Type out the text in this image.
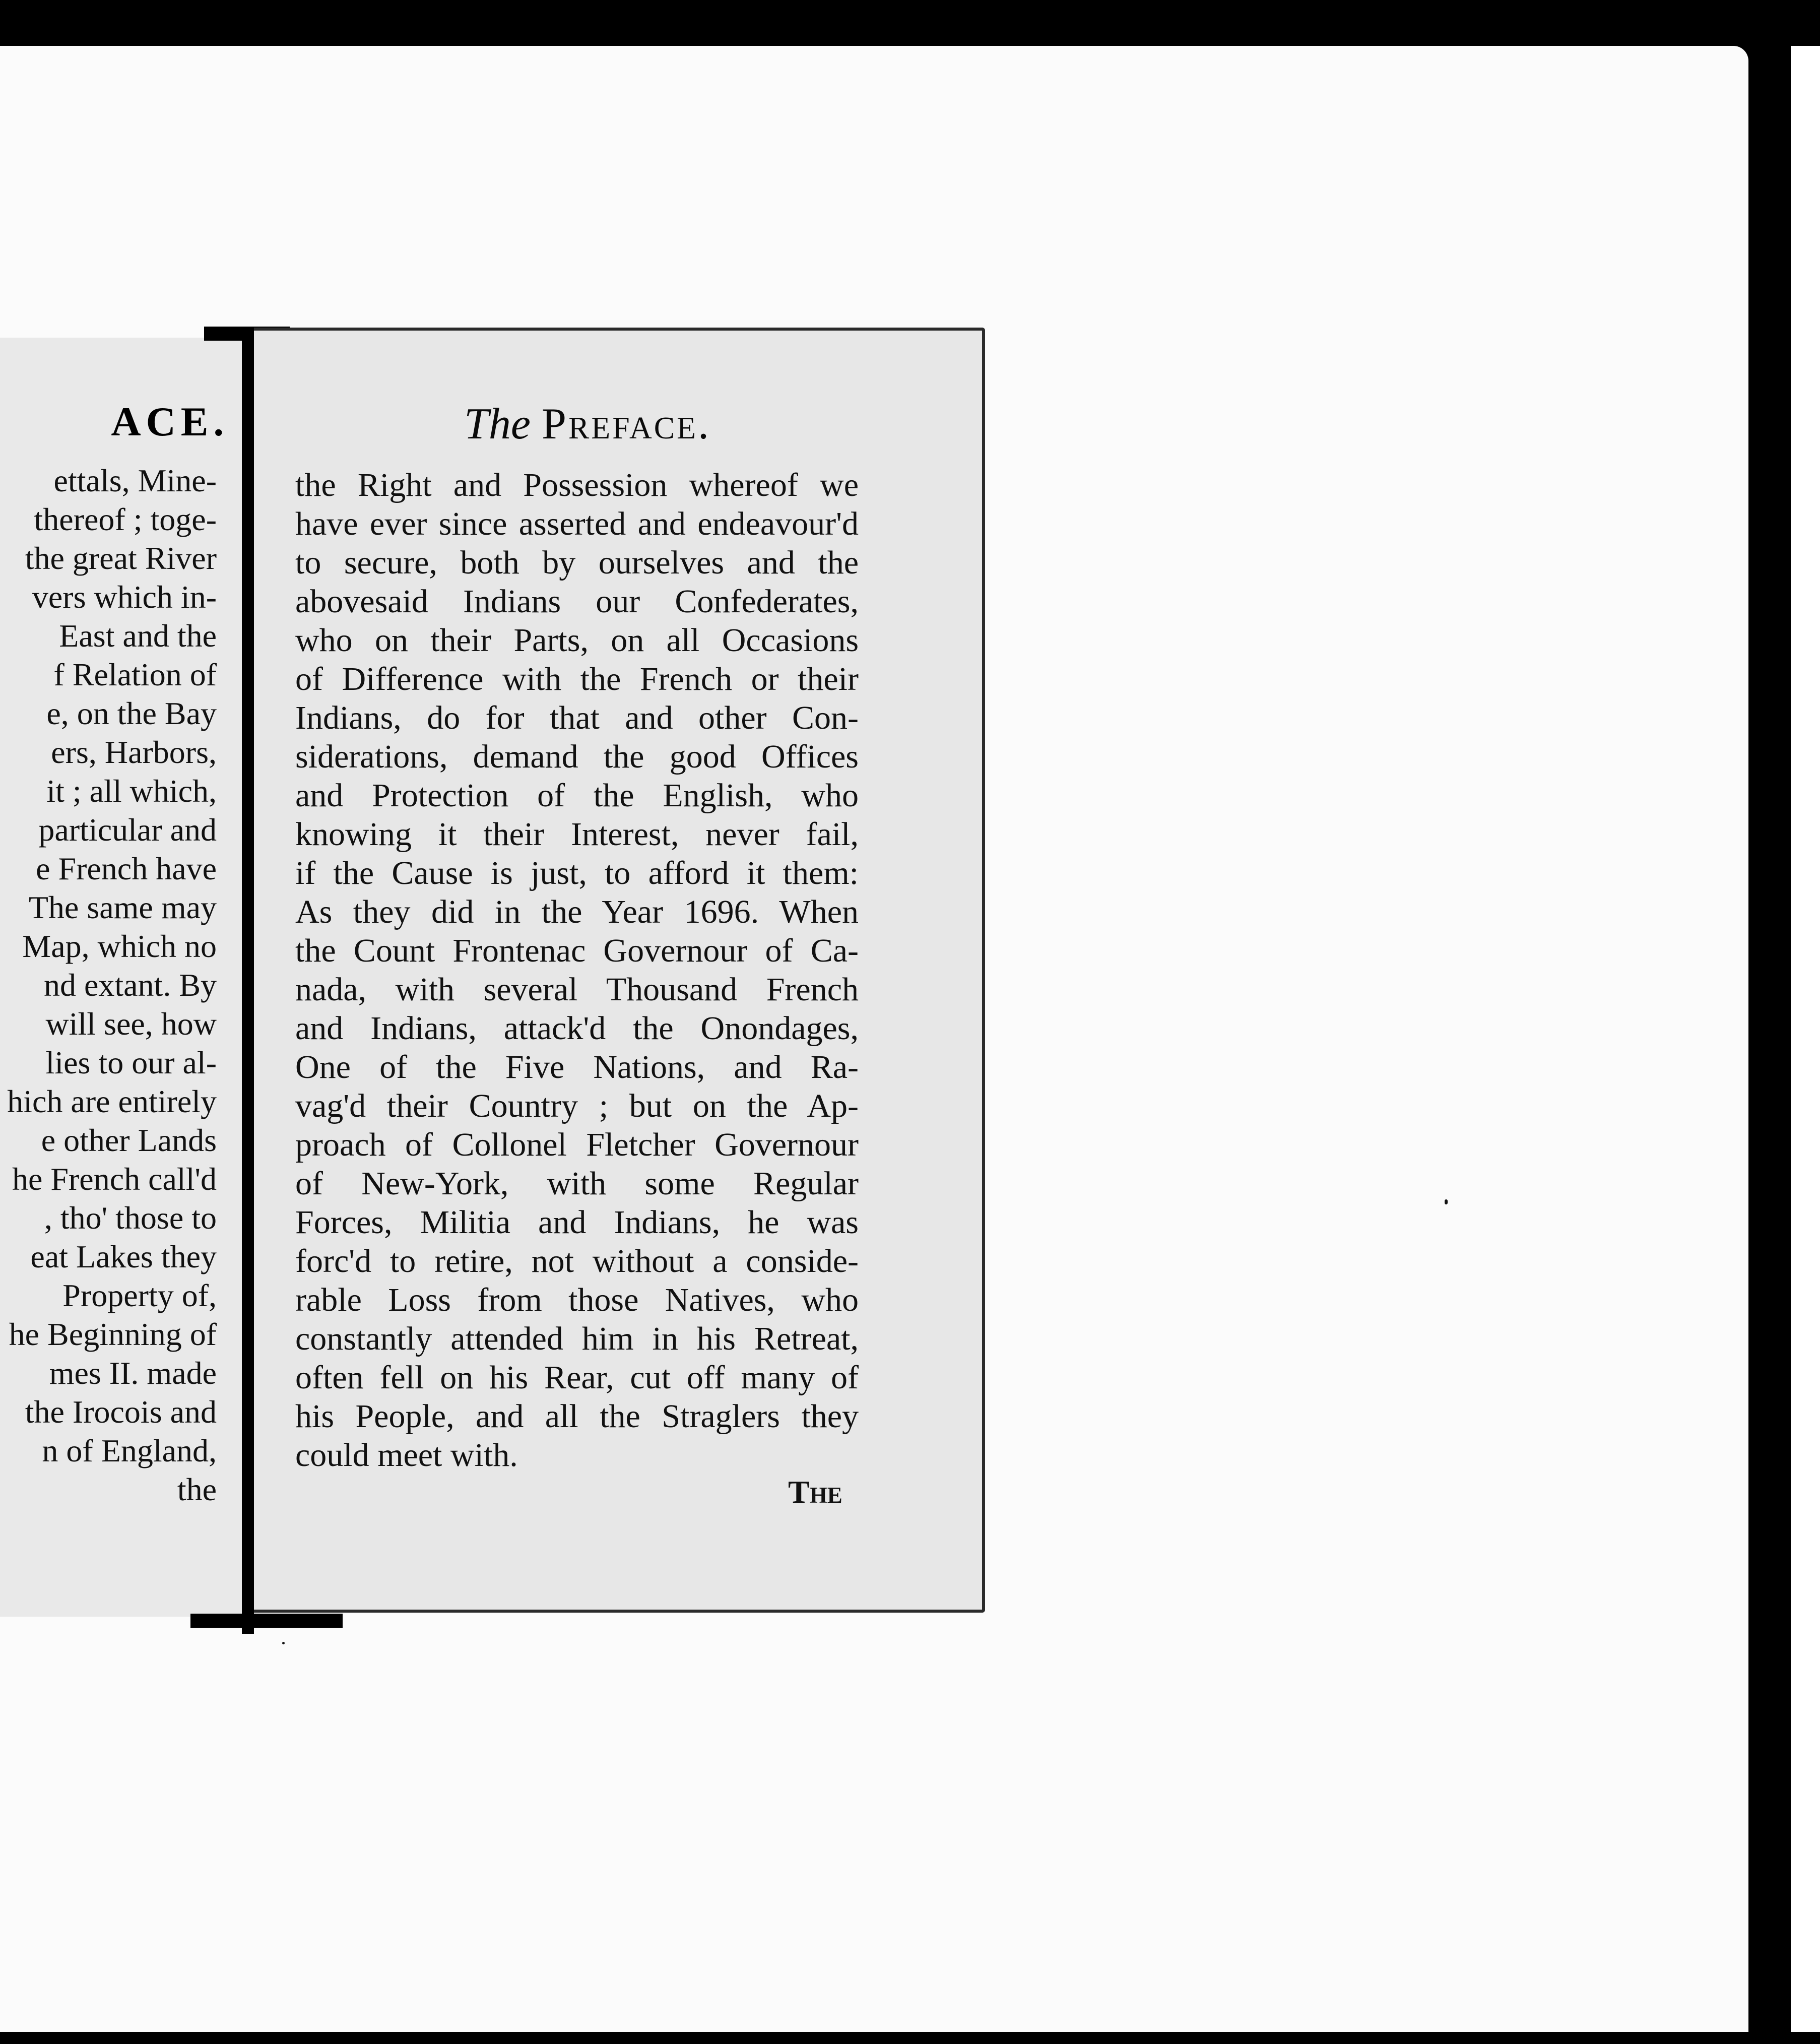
ACE.
ettals, Mine-
thereof ; toge-
the great River
vers which in-
East and the
f Relation of
e, on the Bay
ers, Harbors,
it ; all which,
particular and
e French have
The same may
Map, which no
nd extant. By
will see, how
lies to our al-
hich are entirely
e other Lands
he French call'd
, tho' those to
eat Lakes they
Property of,
he Beginning of
mes II. made
the Irocois and
n of England,
the
The Preface.
the Right and Possession whereof we
have ever since asserted and endeavour'd
to secure, both by ourselves and the
abovesaid Indians our Confederates,
who on their Parts, on all Occasions
of Difference with the French or their
Indians, do for that and other Con-
siderations, demand the good Offices
and Protection of the English, who
knowing it their Interest, never fail,
if the Cause is just, to afford it them:
As they did in the Year 1696. When
the Count Frontenac Governour of Ca-
nada, with several Thousand French
and Indians, attack'd the Onondages,
One of the Five Nations, and Ra-
vag'd their Country ; but on the Ap-
proach of Collonel Fletcher Governour
of New-York, with some Regular
Forces, Militia and Indians, he was
forc'd to retire, not without a conside-
rable Loss from those Natives, who
constantly attended him in his Retreat,
often fell on his Rear, cut off many of
his People, and all the Straglers they
could meet with.
The
